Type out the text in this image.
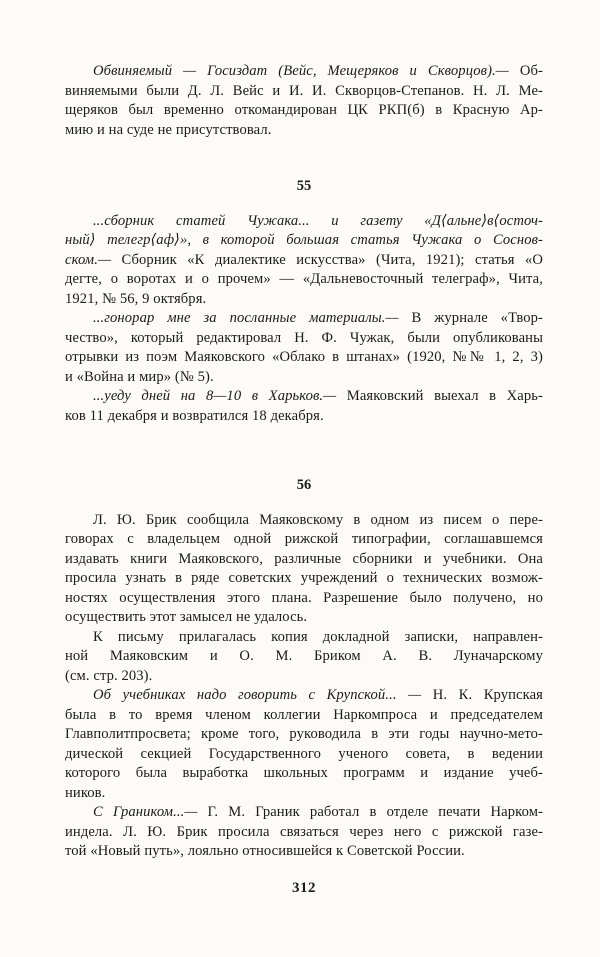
Обвиняемый — Госиздат (Вейс, Мещеряков и Скворцов).— Об-
виняемыми были Д. Л. Вейс и И. И. Скворцов-Степанов. Н. Л. Ме-
щеряков был временно откомандирован ЦК РКП(б) в Красную Ар-
мию и на суде не присутствовал.
55
...сборник статей Чужака... и газету «Д⟨альне⟩в⟨осточ-
ный⟩ телегр⟨аф⟩», в которой большая статья Чужака о Соснов-
ском.— Сборник «К диалектике искусства» (Чита, 1921); статья «О
дегте, о воротах и о прочем» — «Дальневосточный телеграф», Чита,
1921, № 56, 9 октября.
...гонорар мне за посланные материалы.— В журнале «Твор-
чество», который редактировал Н. Ф. Чужак, были опубликованы
отрывки из поэм Маяковского «Облако в штанах» (1920, №№ 1, 2, 3)
и «Война и мир» (№ 5).
...уеду дней на 8—10 в Харьков.— Маяковский выехал в Харь-
ков 11 декабря и возвратился 18 декабря.
56
Л. Ю. Брик сообщила Маяковскому в одном из писем о пере-
говорах с владельцем одной рижской типографии, соглашавшемся
издавать книги Маяковского, различные сборники и учебники. Она
просила узнать в ряде советских учреждений о технических возмож-
ностях осуществления этого плана. Разрешение было получено, но
осуществить этот замысел не удалось.
К письму прилагалась копия докладной записки, направлен-
ной Маяковским и О. М. Бриком А. В. Луначарскому
(см. стр. 203).
Об учебниках надо говорить с Крупской... — Н. К. Крупская
была в то время членом коллегии Наркомпроса и председателем
Главполитпросвета; кроме того, руководила в эти годы научно-мето-
дической секцией Государственного ученого совета, в ведении
которого была выработка школьных программ и издание учеб-
ников.
С Граником...— Г. М. Граник работал в отделе печати Нарком-
индела. Л. Ю. Брик просила связаться через него с рижской газе-
той «Новый путь», лояльно относившейся к Советской России.
312
